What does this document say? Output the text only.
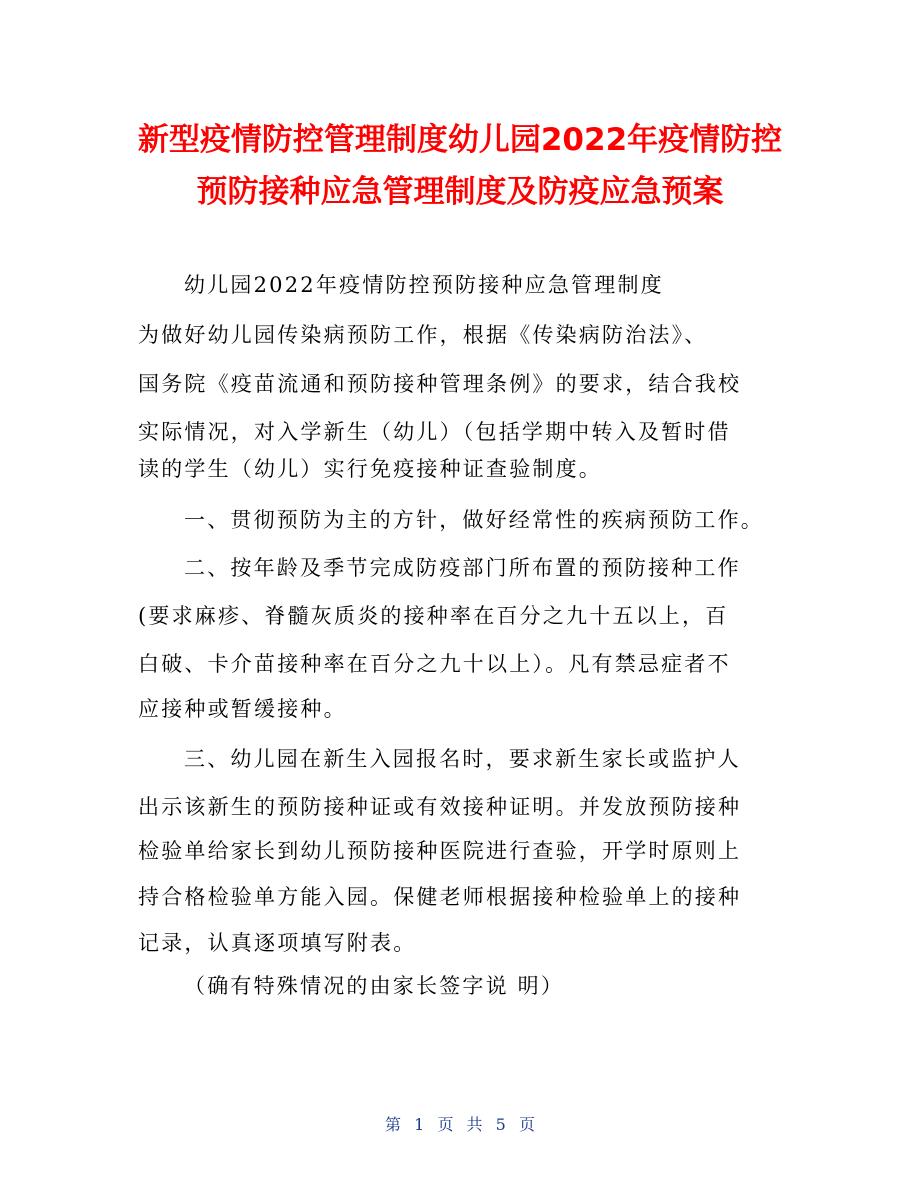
新型疫情防控管理制度幼儿园2022年疫情防控
预防接种应急管理制度及防疫应急预案
幼儿园2022年疫情防控预防接种应急管理制度
为做好幼儿园传染病预防工作，根据《传染病防治法》、
国务院《疫苗流通和预防接种管理条例》的要求，结合我校
实际情况，对入学新生（幼儿）（包括学期中转入及暂时借
读的学生（幼儿）实行免疫接种证查验制度。
一、贯彻预防为主的方针，做好经常性的疾病预防工作。
二、按年龄及季节完成防疫部门所布置的预防接种工作
(要求麻疹、脊髓灰质炎的接种率在百分之九十五以上，百
白破、卡介苗接种率在百分之九十以上）。凡有禁忌症者不
应接种或暂缓接种。
三、幼儿园在新生入园报名时，要求新生家长或监护人
出示该新生的预防接种证或有效接种证明。并发放预防接种
检验单给家长到幼儿预防接种医院进行查验，开学时原则上
持合格检验单方能入园。保健老师根据接种检验单上的接种
记录，认真逐项填写附表。
（确有特殊情况的由家长签字说 明）
第 1 页 共 5 页
